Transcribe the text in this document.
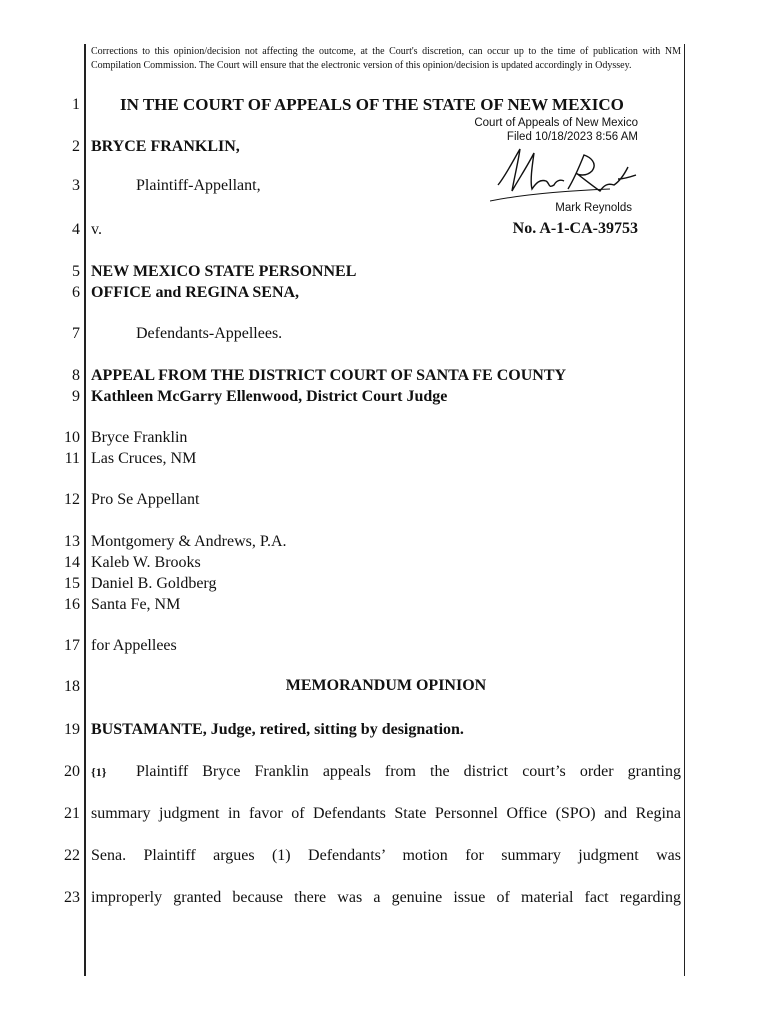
Corrections to this opinion/decision not affecting the outcome, at the Court's discretion, can occur up to the time of publication with NM Compilation Commission. The Court will ensure that the electronic version of this opinion/decision is updated accordingly in Odyssey.
1
2
3
4
5
6
7
8
9
10
11
12
13
14
15
16
17
18
19
20
21
22
23
IN THE COURT OF APPEALS OF THE STATE OF NEW MEXICO
Court of Appeals of New Mexico
Filed 10/18/2023 8:56 AM
Mark Reynolds
BRYCE FRANKLIN,
Plaintiff-Appellant,
v.	No. A-1-CA-39753
NEW MEXICO STATE PERSONNEL
OFFICE and REGINA SENA,
Defendants-Appellees.
APPEAL FROM THE DISTRICT COURT OF SANTA FE COUNTY
Kathleen McGarry Ellenwood, District Court Judge
Bryce Franklin
Las Cruces, NM
Pro Se Appellant
Montgomery & Andrews, P.A.
Kaleb W. Brooks
Daniel B. Goldberg
Santa Fe, NM
for Appellees
MEMORANDUM OPINION
BUSTAMANTE, Judge, retired, sitting by designation.
{1} Plaintiff Bryce Franklin appeals from the district court’s order granting
summary judgment in favor of Defendants State Personnel Office (SPO) and Regina
Sena. Plaintiff argues (1) Defendants’ motion for summary judgment was
improperly granted because there was a genuine issue of material fact regarding
